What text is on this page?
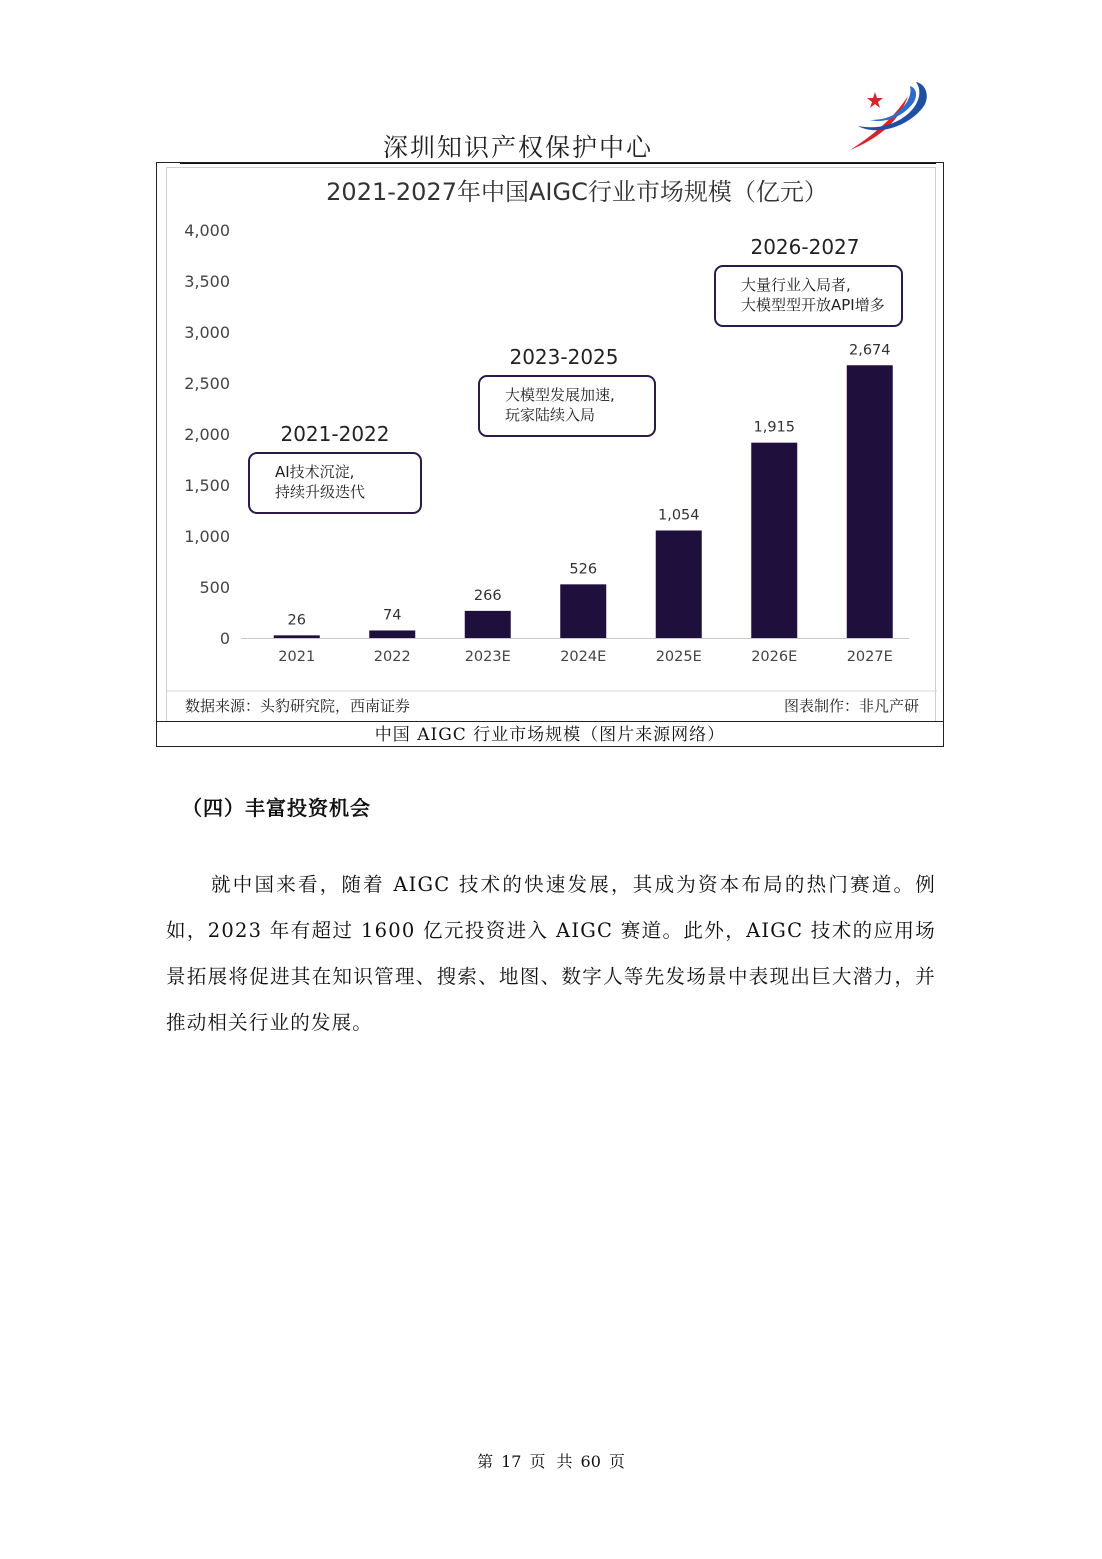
深圳知识产权保护中心
2021-2027年中国AIGC行业市场规模（亿元）
0
500
1,000
1,500
2,000
2,500
3,000
3,500
4,000
26
2021
74
2022
266
2023E
526
2024E
1,054
2025E
1,915
2026E
2,674
2027E
2021-2022
AI技术沉淀,
持续升级迭代
2023-2025
大模型发展加速,
玩家陆续入局
2026-2027
大量行业入局者,
大模型型开放API增多
数据来源：头豹研究院，西南证券	图表制作：非凡产研
中国 AIGC 行业市场规模（图片来源网络）
（四）丰富投资机会
就中国来看，随着 AIGC 技术的快速发展，其成为资本布局的热门赛道。例如，2023 年有超过 1600 亿元投资进入 AIGC 赛道。此外，AIGC 技术的应用场景拓展将促进其在知识管理、搜索、地图、数字人等先发场景中表现出巨大潜力，并推动相关行业的发展。
第 17 页 共 60 页
